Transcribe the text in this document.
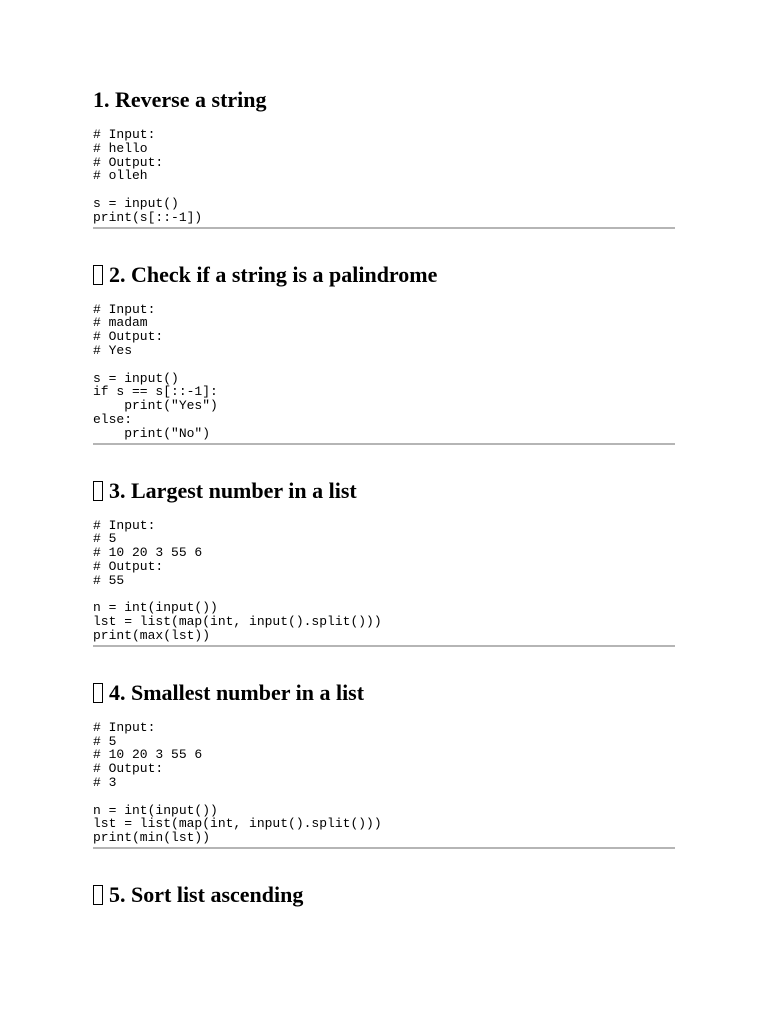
1. Reverse a string
# Input:
# hello
# Output:
# olleh

s = input()
print(s[::-1])
2. Check if a string is a palindrome
# Input:
# madam
# Output:
# Yes

s = input()
if s == s[::-1]:
print("Yes")
else:
print("No")
3. Largest number in a list
# Input:
# 5
# 10 20 3 55 6
# Output:
# 55

n = int(input())
lst = list(map(int, input().split()))
print(max(lst))
4. Smallest number in a list
# Input:
# 5
# 10 20 3 55 6
# Output:
# 3

n = int(input())
lst = list(map(int, input().split()))
print(min(lst))
5. Sort list ascending
